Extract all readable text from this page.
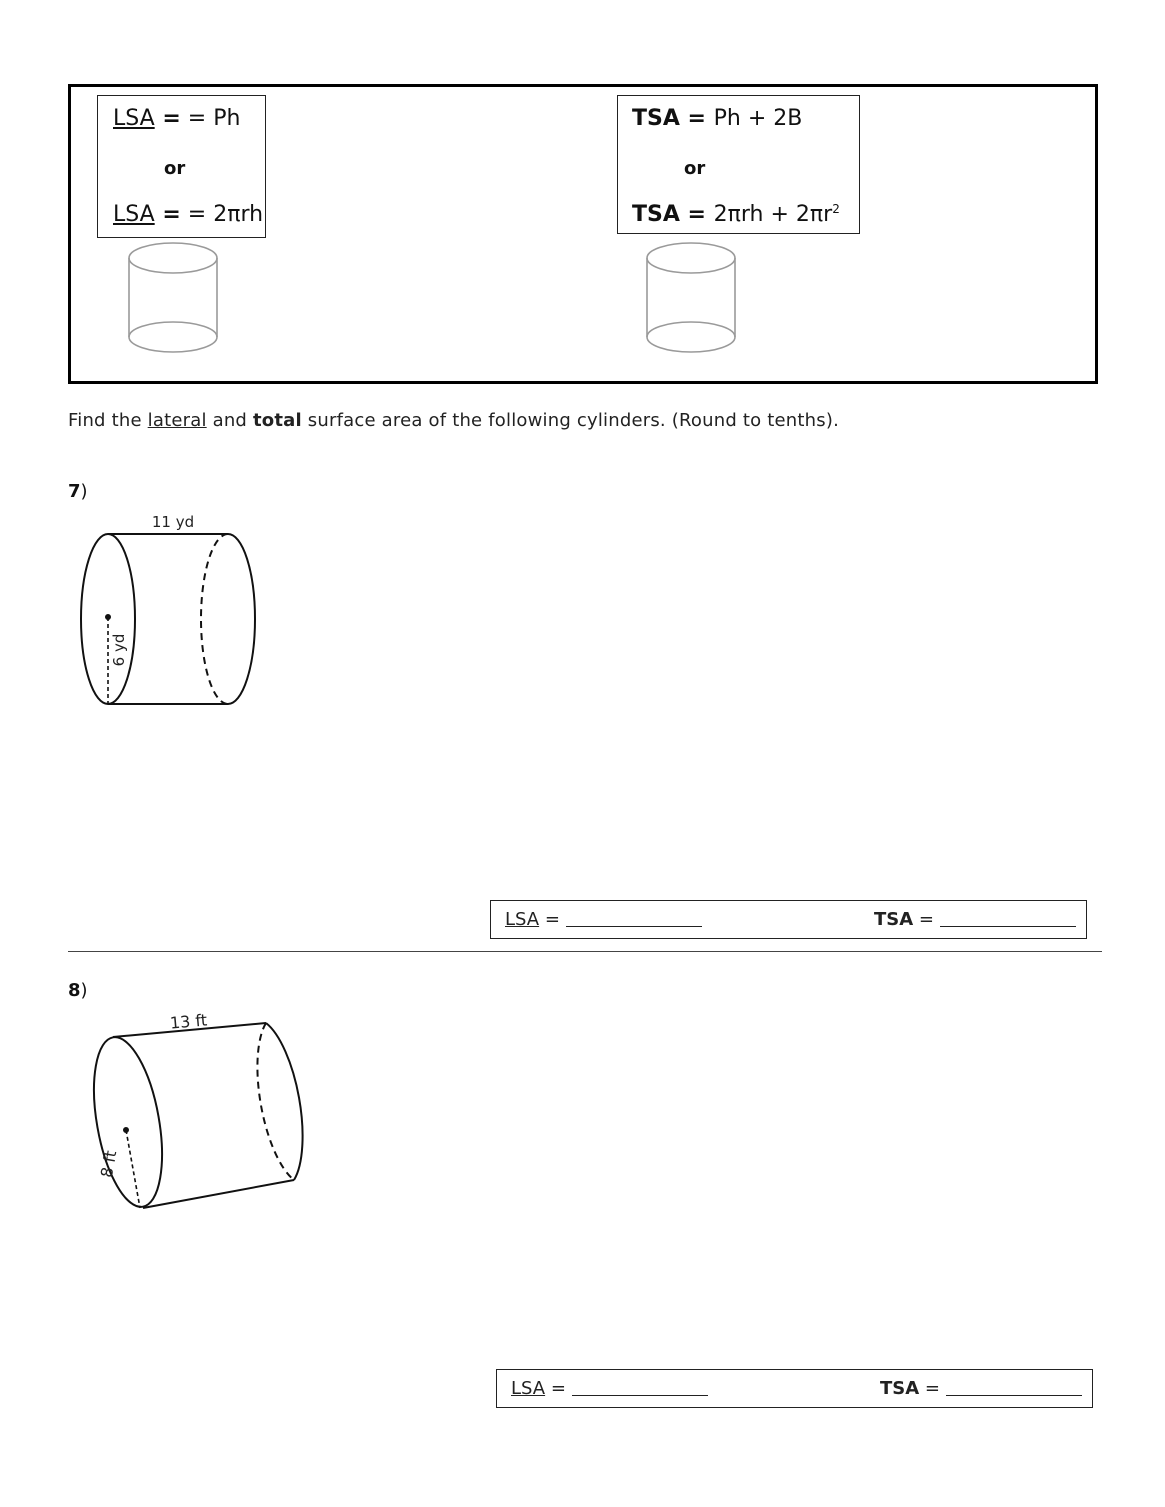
LSA = = Ph
or
LSA = = 2πrh
TSA = Ph + 2B
or
TSA = $2\pi rh + 2\pi r^2$
Find the lateral and total surface area of the following cylinders. (Round to tenths).
7)
11 yd
6 yd
LSA =	TSA =
8)
13 ft
8 ft
LSA =	TSA =
